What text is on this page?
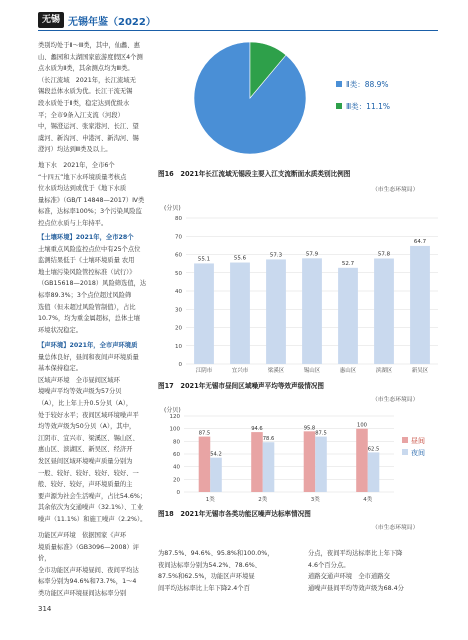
无锡 无锡年鉴（2022）

类别均处于Ⅱ～Ⅲ类，其中，仙蠡、惠

山、蠡园和太湖国家旅游度假区4个测

点水质为Ⅱ类，其余测点均为Ⅲ类。

（长江流域　2021年，长江流域无

锡段总体水质为优。长江干流无锡

段水质处于Ⅱ类，稳定达到优级水

平；全市9条入江支流（河段）

中，锡澄运河、张家港河、长江、望

虞河、新沟河、申港河、新沟河、锡

澄河）均达到Ⅲ类及以上。

地下水　2021年，全市6个

“十四五”地下水环境质量考核点

位水质均达到或优于《地下水质

量标准》（GB/T 14848—2017）Ⅳ类

标准，达标率100%；3个污染风险监

控点位水质与上年持平。

【土壤环境】2021年，全市28个

土壤重点风险监控点位中有25个点位

监测结果低于《土壤环境质量 农用

地土壤污染风险管控标准（试行）》

（GB15618—2018）风险筛选值，达

标率89.3%；3个点位超过风险筛

选值（但未超过风险管制值），占比

10.7%，均为重金属超标，总体土壤

环境状况稳定。

【声环境】2021年，全市声环境质

量总体良好，昼间和夜间声环境质量

基本保持稳定。

区域声环境　全市昼间区域环

境噪声平均等效声级为57分贝

（A），比上年上升0.5分贝（A），

处于较好水平；夜间区域环境噪声平

均等效声级为50分贝（A），其中，

江阴市、宜兴市、梁溪区、锡山区、

惠山区、滨湖区、新吴区、经济开

发区昼间区域环境噪声质量分别为

一般、较好、较好、较好、较好、一

般、较好、较好，声环境质量的主

要声源为社会生活噪声，占比54.6%；

其余依次为交通噪声（32.1%）、工业

噪声（11.1%）和施工噪声（2.2%）。

功能区声环境　依据国家《声环

境质量标准》（GB3096—2008）评价，

全市功能区声环境昼间、夜间平均达

标率分别为94.6%和73.7%，1～4

类功能区声环境昼间达标率分别

为87.5%、94.6%、95.8%和100.0%，

夜间达标率分别为54.2%、78.6%、

87.5%和62.5%，功能区声环境昼

间平均达标率比上年下降2.4个百

分点，夜间平均达标率比上年下降

4.6个百分点。

道路交通声环境　全市道路交

通噪声昼间平均等效声级为68.4分

Ⅱ类：88.9%
Ⅲ类：11.1%
图16　2021年长江流域无锡段主要入江支流断面水质类别比例图
（市生态环境局）
(分贝)
0
10
20
30
40
50
60
70
80
55.1
江阴市
55.6
宜兴市
57.3
梁溪区
57.9
锡山区
52.7
惠山区
57.8
滨湖区
64.7
新吴区
图17　2021年无锡市昼间区域噪声平均等效声级情况图
（市生态环境局）
(分贝)
0
20
40
60
80
100
120
87.5
54.2
1类
94.6
78.6
2类
95.8
87.5
3类
100
62.5
4类
昼间
夜间
图18　2021年无锡市各类功能区噪声达标率情况图
（市生态环境局）
314
